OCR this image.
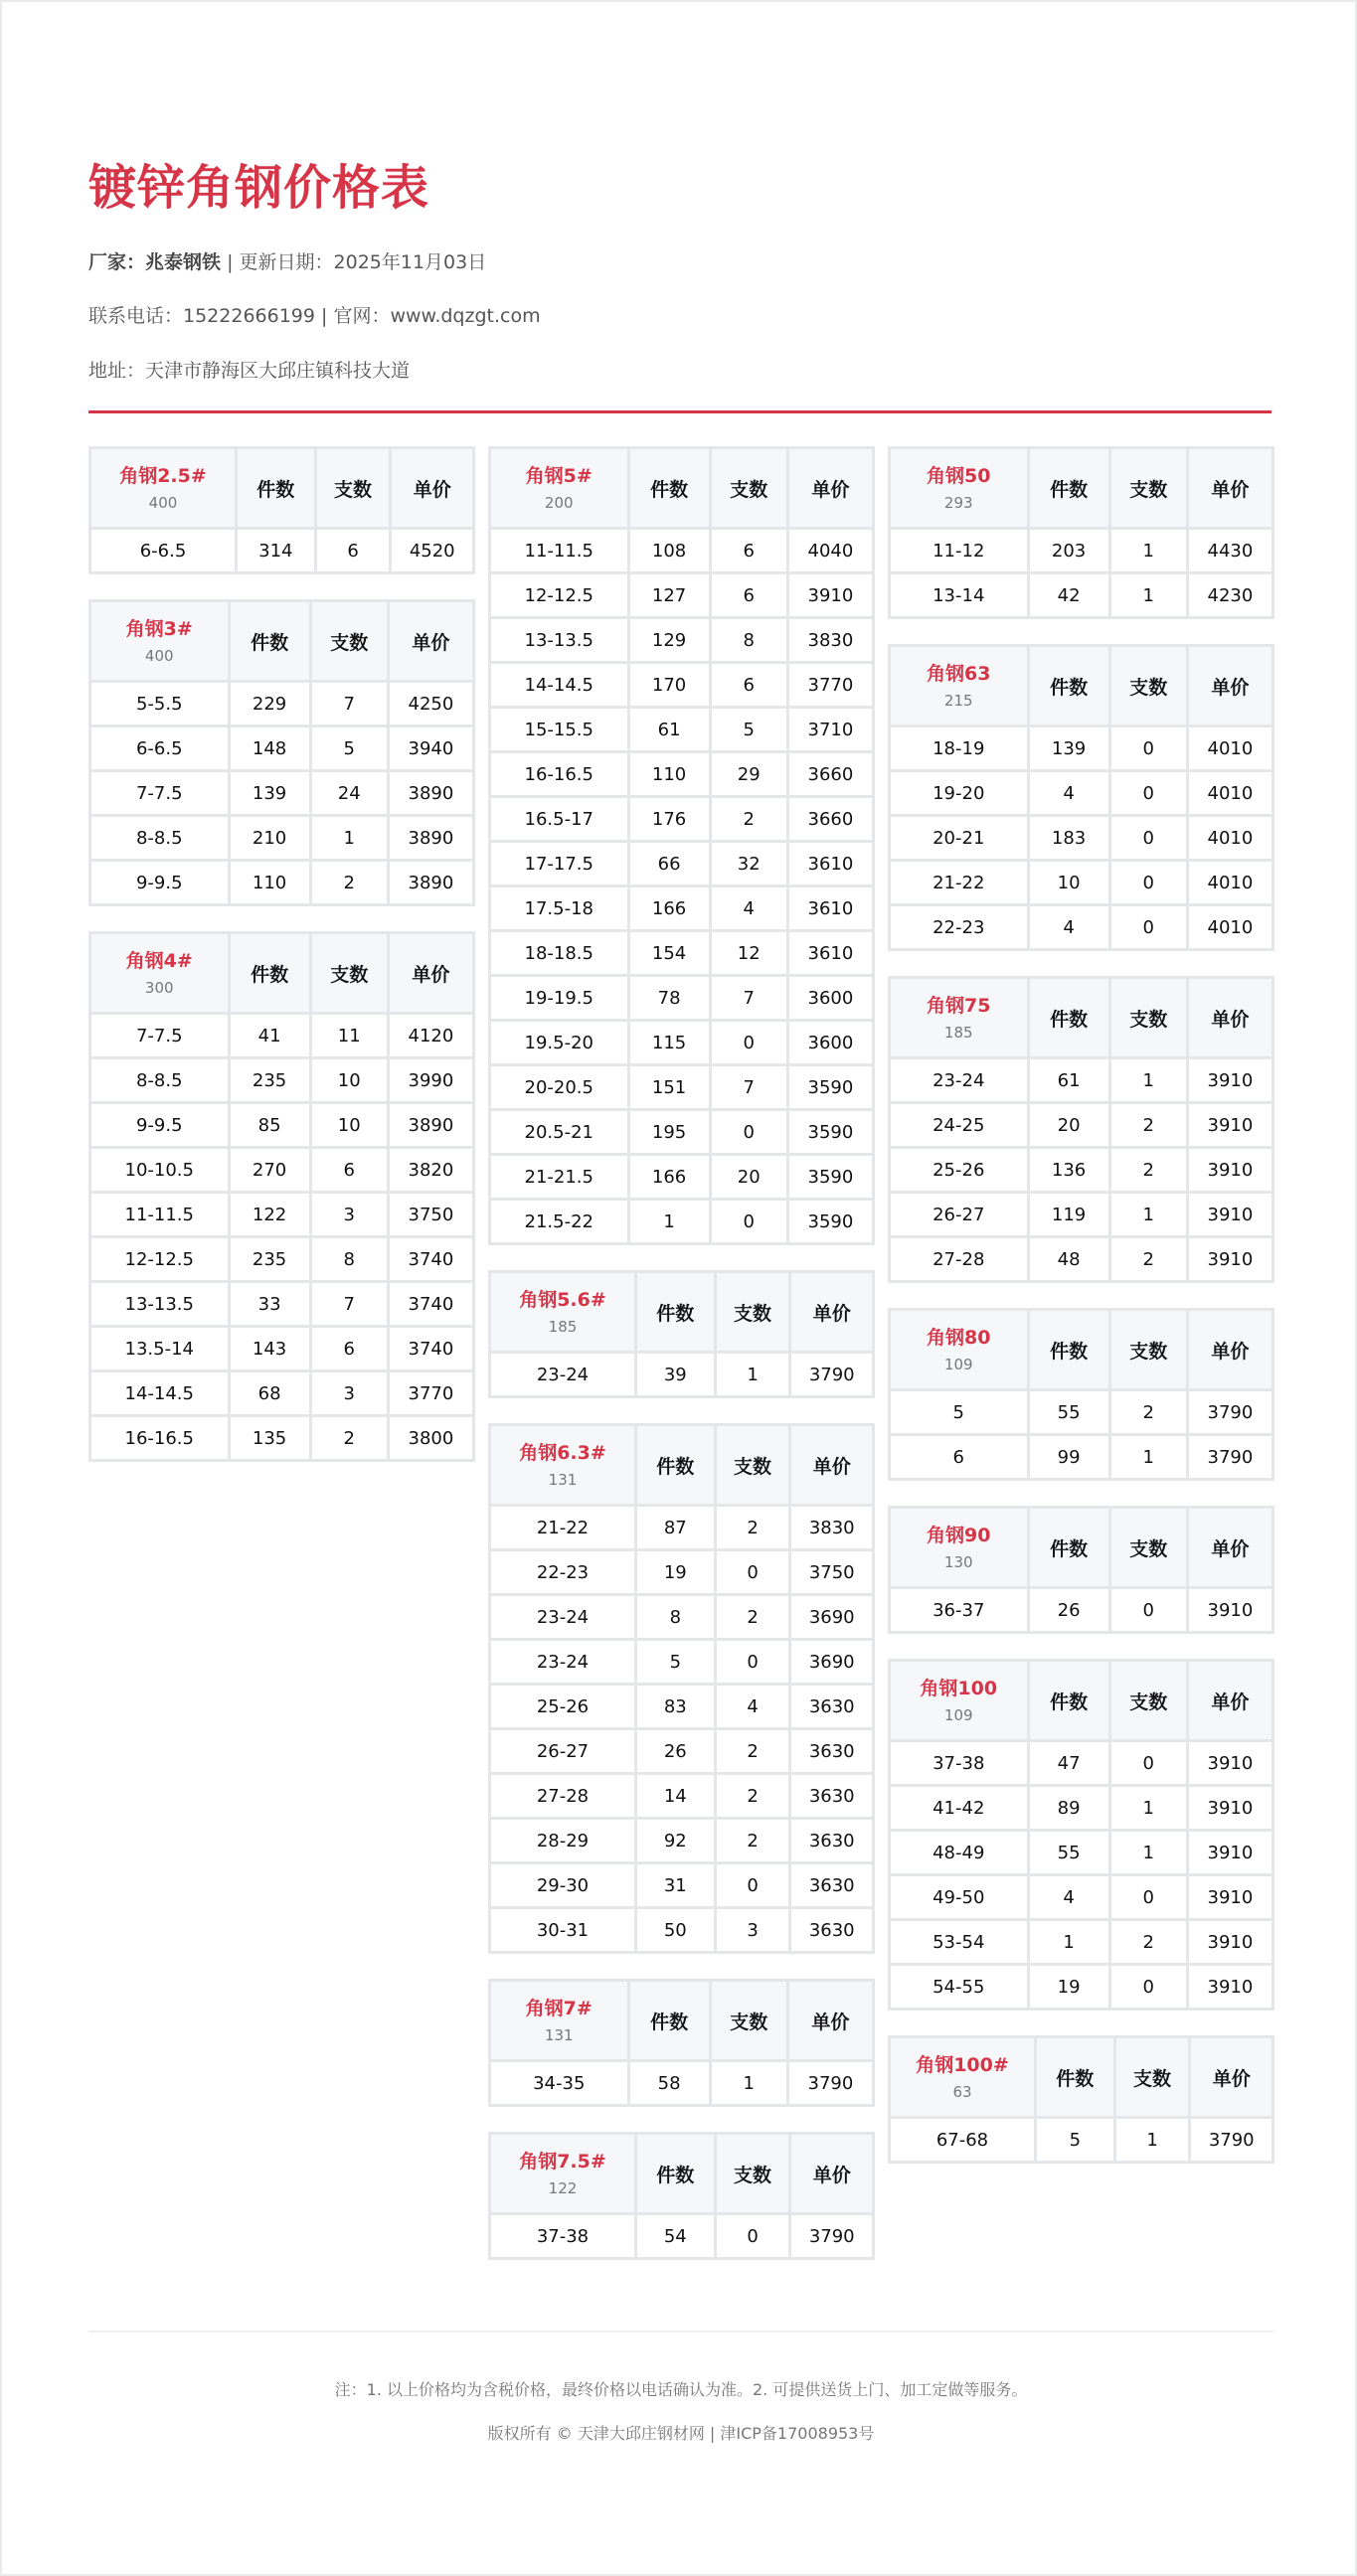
镀锌角钢价格表
厂家：兆泰钢铁 | 更新日期：2025年11月03日
联系电话：15222666199 | 官网：www.dqzgt.com
地址：天津市静海区大邱庄镇科技大道
角钢2.5#
400	件数	支数	单价
6-6.5	314	6	4520
角钢3#
400	件数	支数	单价
5-5.5	229	7	4250
6-6.5	148	5	3940
7-7.5	139	24	3890
8-8.5	210	1	3890
9-9.5	110	2	3890
角钢4#
300	件数	支数	单价
7-7.5	41	11	4120
8-8.5	235	10	3990
9-9.5	85	10	3890
10-10.5	270	6	3820
11-11.5	122	3	3750
12-12.5	235	8	3740
13-13.5	33	7	3740
13.5-14	143	6	3740
14-14.5	68	3	3770
16-16.5	135	2	3800
角钢5#
200	件数	支数	单价
11-11.5	108	6	4040
12-12.5	127	6	3910
13-13.5	129	8	3830
14-14.5	170	6	3770
15-15.5	61	5	3710
16-16.5	110	29	3660
16.5-17	176	2	3660
17-17.5	66	32	3610
17.5-18	166	4	3610
18-18.5	154	12	3610
19-19.5	78	7	3600
19.5-20	115	0	3600
20-20.5	151	7	3590
20.5-21	195	0	3590
21-21.5	166	20	3590
21.5-22	1	0	3590
角钢5.6#
185	件数	支数	单价
23-24	39	1	3790
角钢6.3#
131	件数	支数	单价
21-22	87	2	3830
22-23	19	0	3750
23-24	8	2	3690
23-24	5	0	3690
25-26	83	4	3630
26-27	26	2	3630
27-28	14	2	3630
28-29	92	2	3630
29-30	31	0	3630
30-31	50	3	3630
角钢7#
131	件数	支数	单价
34-35	58	1	3790
角钢7.5#
122	件数	支数	单价
37-38	54	0	3790
角钢50
293	件数	支数	单价
11-12	203	1	4430
13-14	42	1	4230
角钢63
215	件数	支数	单价
18-19	139	0	4010
19-20	4	0	4010
20-21	183	0	4010
21-22	10	0	4010
22-23	4	0	4010
角钢75
185	件数	支数	单价
23-24	61	1	3910
24-25	20	2	3910
25-26	136	2	3910
26-27	119	1	3910
27-28	48	2	3910
角钢80
109	件数	支数	单价
5	55	2	3790
6	99	1	3790
角钢90
130	件数	支数	单价
36-37	26	0	3910
角钢100
109	件数	支数	单价
37-38	47	0	3910
41-42	89	1	3910
48-49	55	1	3910
49-50	4	0	3910
53-54	1	2	3910
54-55	19	0	3910
角钢100#
63	件数	支数	单价
67-68	5	1	3790
注：1. 以上价格均为含税价格，最终价格以电话确认为准。2. 可提供送货上门、加工定做等服务。
版权所有 © 天津大邱庄钢材网 | 津ICP备17008953号
